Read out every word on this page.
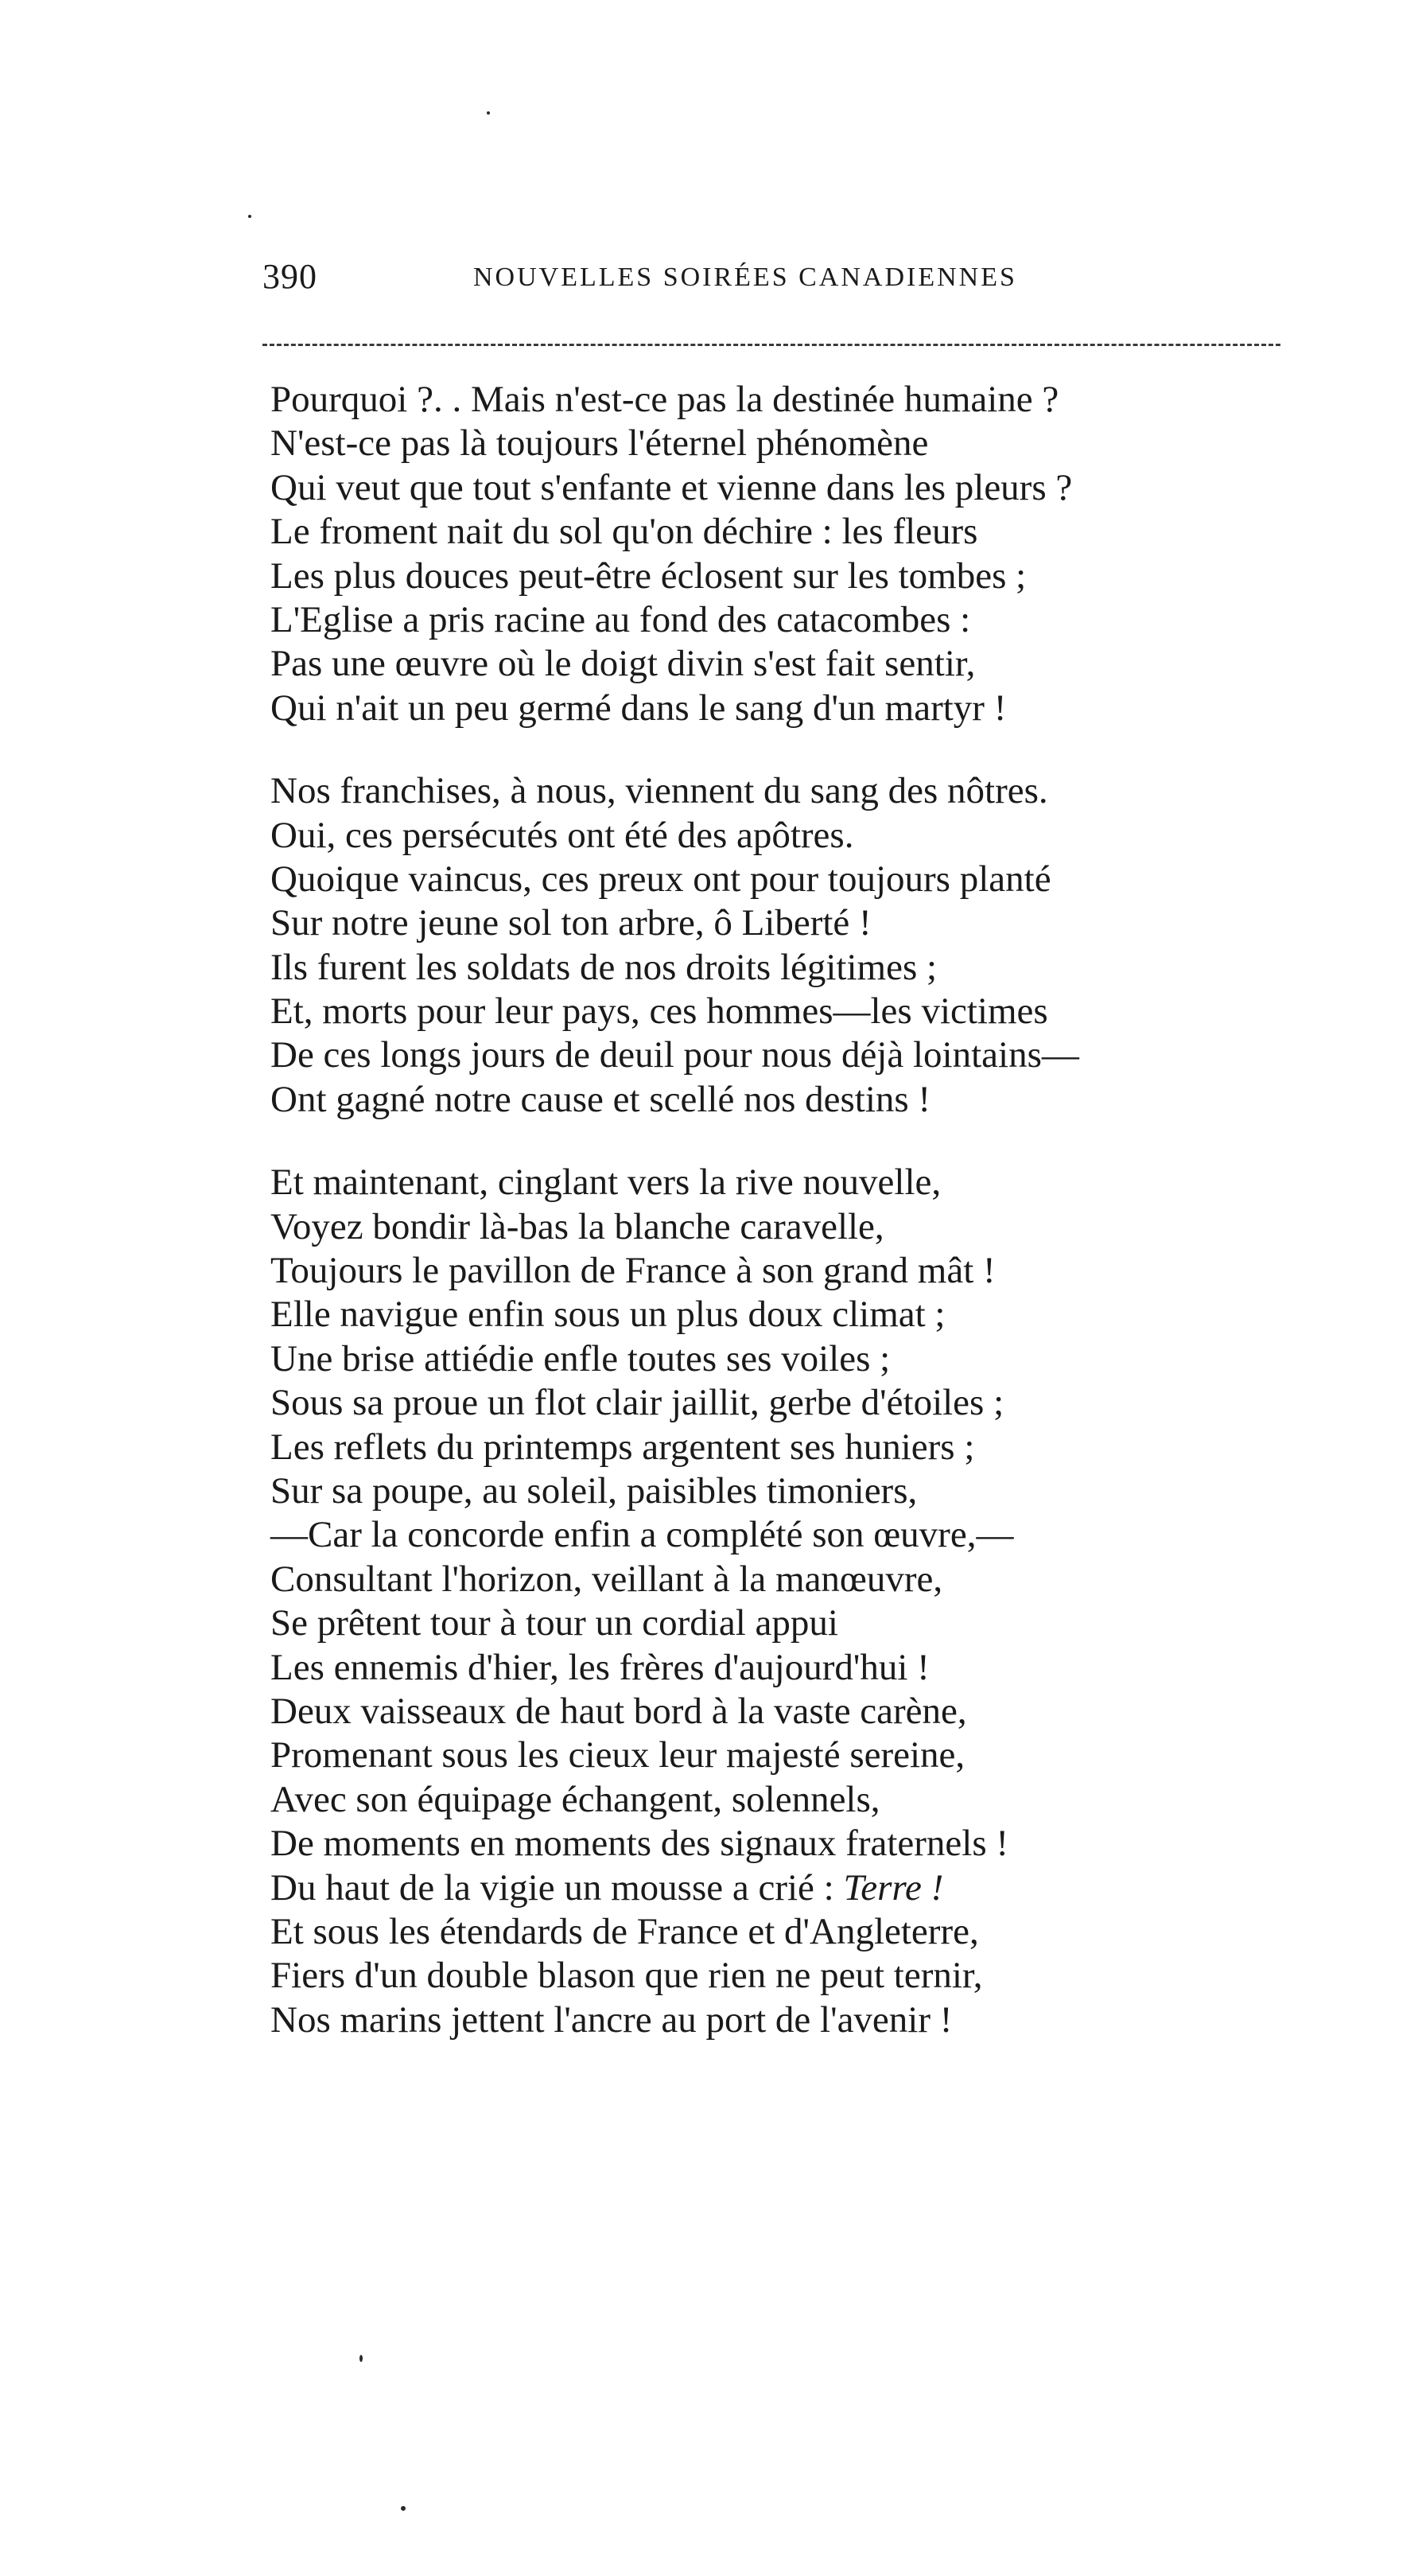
390	NOUVELLES SOIRÉES CANADIENNES
Pourquoi ?. . Mais n'est-ce pas la destinée humaine ?
N'est-ce pas là toujours l'éternel phénomène
Qui veut que tout s'enfante et vienne dans les pleurs ?
Le froment nait du sol qu'on déchire : les fleurs
Les plus douces peut-être éclosent sur les tombes ;
L'Eglise a pris racine au fond des catacombes :
Pas une œuvre où le doigt divin s'est fait sentir,
Qui n'ait un peu germé dans le sang d'un martyr !
Nos franchises, à nous, viennent du sang des nôtres.
Oui, ces persécutés ont été des apôtres.
Quoique vaincus, ces preux ont pour toujours planté
Sur notre jeune sol ton arbre, ô Liberté !
Ils furent les soldats de nos droits légitimes ;
Et, morts pour leur pays, ces hommes—les victimes
De ces longs jours de deuil pour nous déjà lointains—
Ont gagné notre cause et scellé nos destins !
Et maintenant, cinglant vers la rive nouvelle,
Voyez bondir là-bas la blanche caravelle,
Toujours le pavillon de France à son grand mât !
Elle navigue enfin sous un plus doux climat ;
Une brise attiédie enfle toutes ses voiles ;
Sous sa proue un flot clair jaillit, gerbe d'étoiles ;
Les reflets du printemps argentent ses huniers ;
Sur sa poupe, au soleil, paisibles timoniers,
—Car la concorde enfin a complété son œuvre,—
Consultant l'horizon, veillant à la manœuvre,
Se prêtent tour à tour un cordial appui
Les ennemis d'hier, les frères d'aujourd'hui !
Deux vaisseaux de haut bord à la vaste carène,
Promenant sous les cieux leur majesté sereine,
Avec son équipage échangent, solennels,
De moments en moments des signaux fraternels !
Du haut de la vigie un mousse a crié : Terre !
Et sous les étendards de France et d'Angleterre,
Fiers d'un double blason que rien ne peut ternir,
Nos marins jettent l'ancre au port de l'avenir !
